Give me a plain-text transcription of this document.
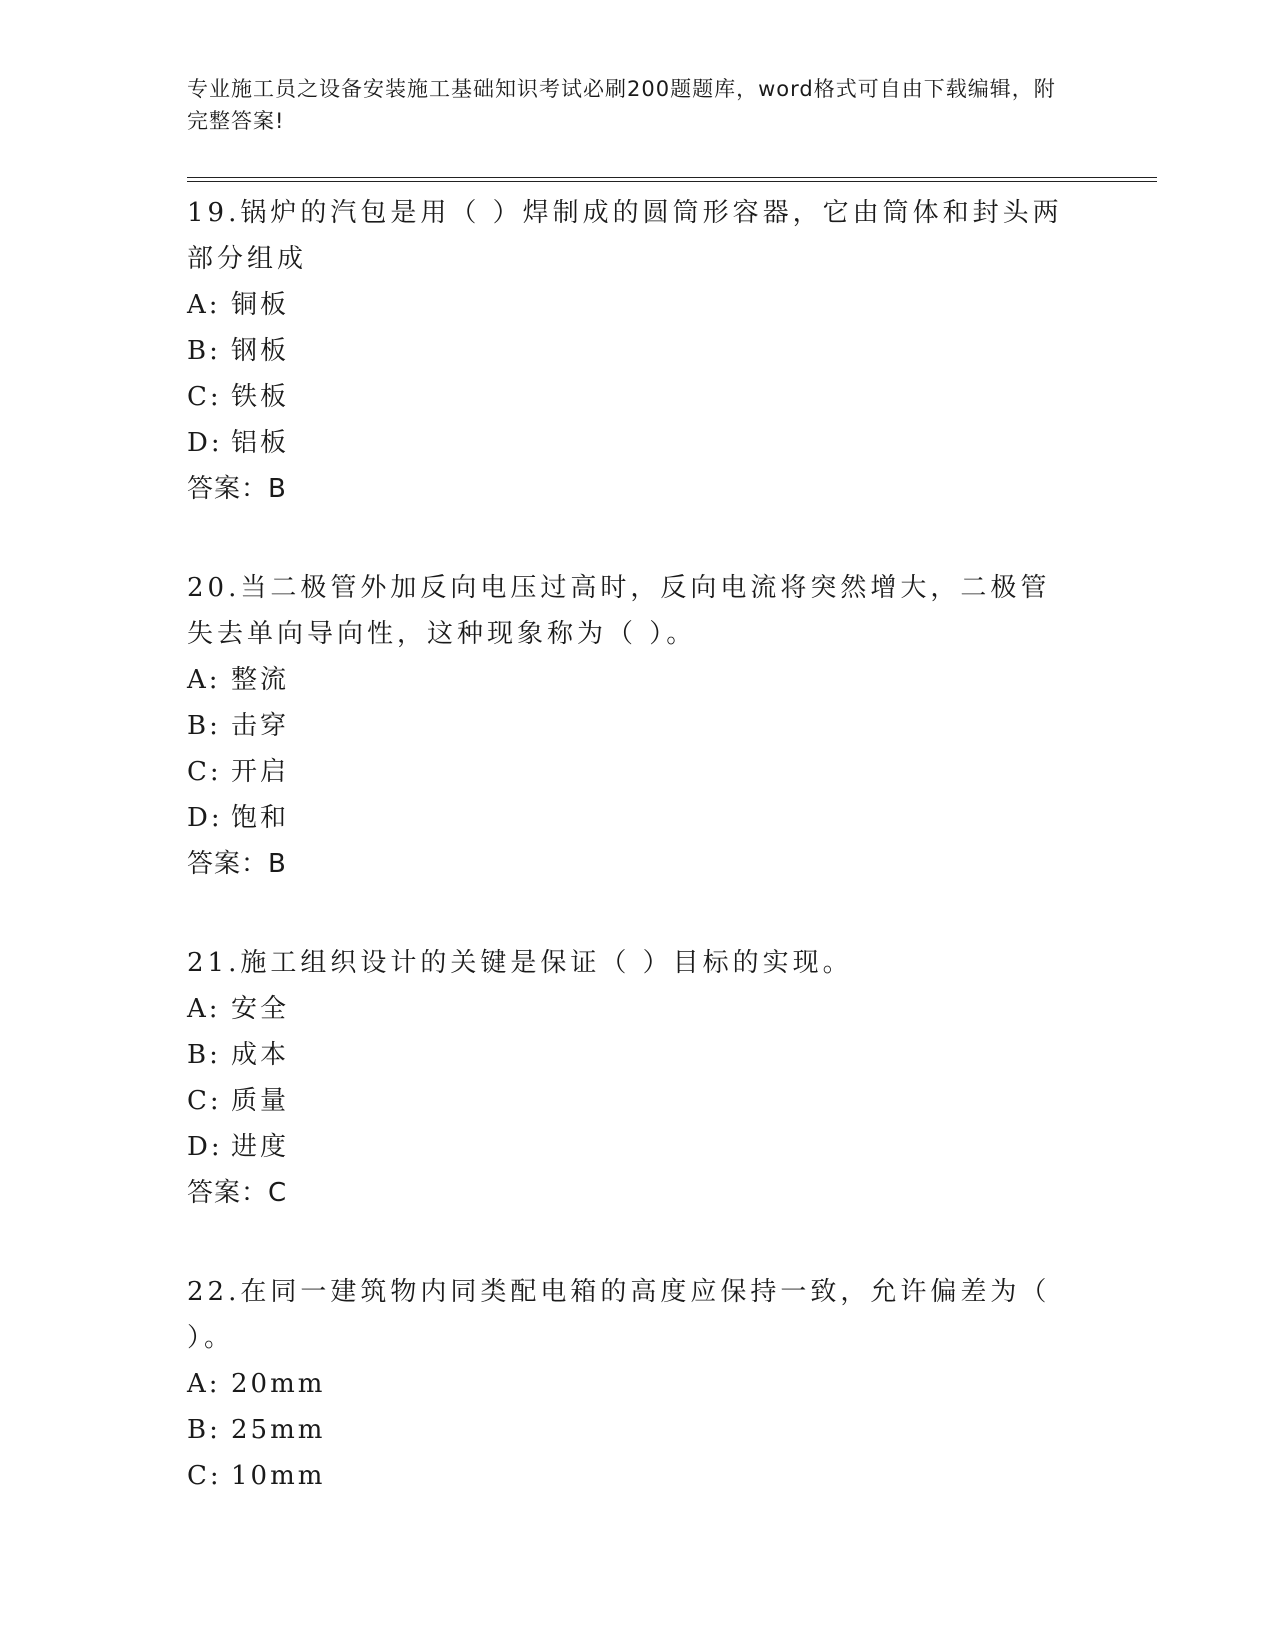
专业施工员之设备安装施工基础知识考试必刷200题题库，word格式可自由下载编辑，附完整答案!
19.锅炉的汽包是用（ ）焊制成的圆筒形容器，它由筒体和封头两部分组成
A: 铜板
B: 钢板
C: 铁板
D: 铝板
答案：B
20.当二极管外加反向电压过高时，反向电流将突然增大，二极管失去单向导向性，这种现象称为（ ）。
A: 整流
B: 击穿
C: 开启
D: 饱和
答案：B
21.施工组织设计的关键是保证（ ）目标的实现。
A: 安全
B: 成本
C: 质量
D: 进度
答案：C
22.在同一建筑物内同类配电箱的高度应保持一致，允许偏差为（ ）。
A: 20mm
B: 25mm
C: 10mm
